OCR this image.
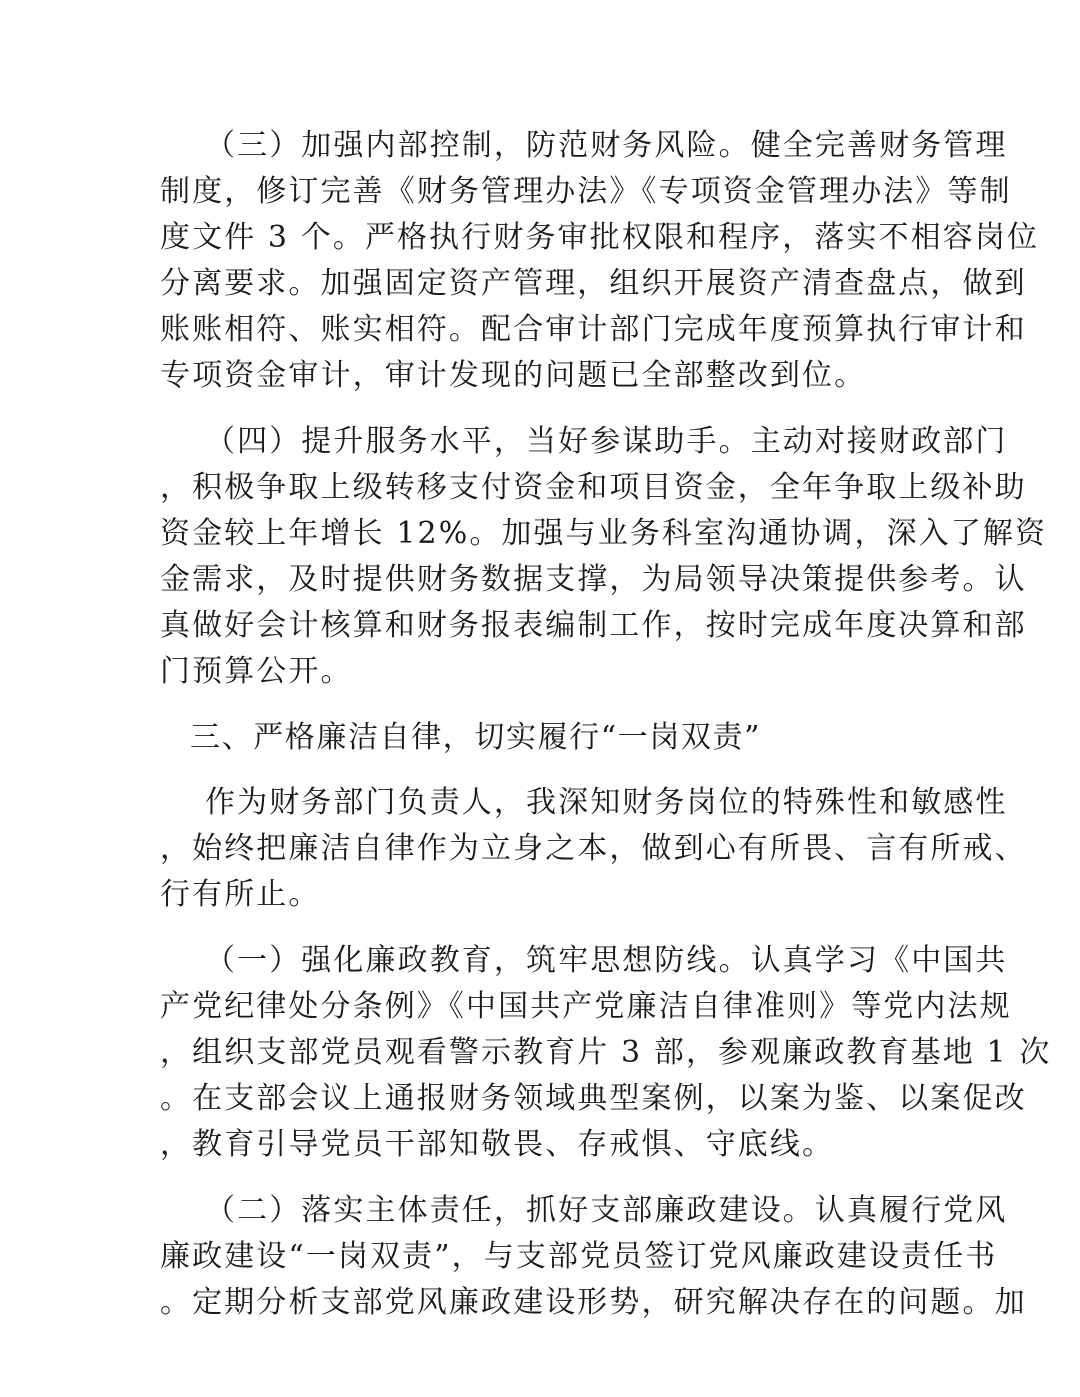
（三）加强内部控制，防范财务风险。健全完善财务管理
制度，修订完善《财务管理办法》《专项资金管理办法》等制
度文件 3 个。严格执行财务审批权限和程序，落实不相容岗位
分离要求。加强固定资产管理，组织开展资产清查盘点，做到
账账相符、账实相符。配合审计部门完成年度预算执行审计和
专项资金审计，审计发现的问题已全部整改到位。
（四）提升服务水平，当好参谋助手。主动对接财政部门
，积极争取上级转移支付资金和项目资金，全年争取上级补助
资金较上年增长 12%。加强与业务科室沟通协调，深入了解资
金需求，及时提供财务数据支撑，为局领导决策提供参考。认
真做好会计核算和财务报表编制工作，按时完成年度决算和部
门预算公开。
三、严格廉洁自律，切实履行“一岗双责”
作为财务部门负责人，我深知财务岗位的特殊性和敏感性
，始终把廉洁自律作为立身之本，做到心有所畏、言有所戒、
行有所止。
（一）强化廉政教育，筑牢思想防线。认真学习《中国共
产党纪律处分条例》《中国共产党廉洁自律准则》等党内法规
，组织支部党员观看警示教育片 3 部，参观廉政教育基地 1 次
。在支部会议上通报财务领域典型案例，以案为鉴、以案促改
，教育引导党员干部知敬畏、存戒惧、守底线。
（二）落实主体责任，抓好支部廉政建设。认真履行党风
廉政建设“一岗双责”，与支部党员签订党风廉政建设责任书
。定期分析支部党风廉政建设形势，研究解决存在的问题。加
